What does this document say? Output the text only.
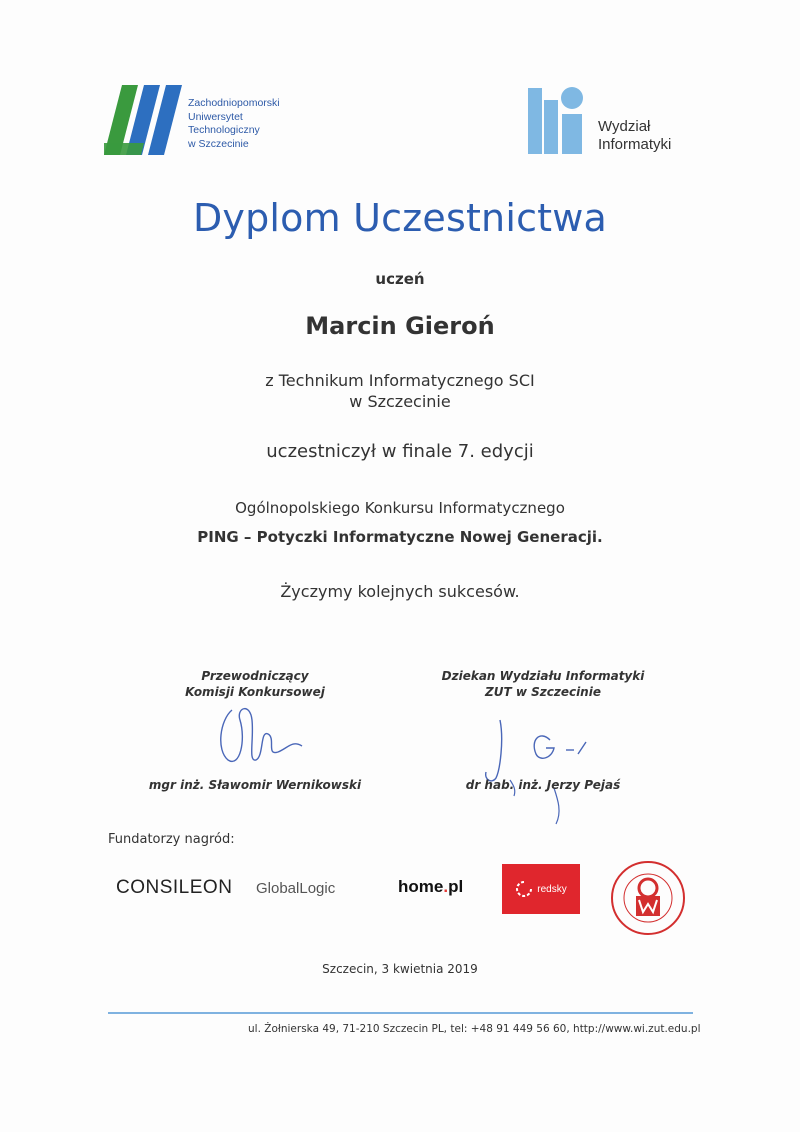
Zachodniopomorski
Uniwersytet
Technologiczny
w Szczecinie
Wydział
Informatyki
Dyplom Uczestnictwa
uczeń
Marcin Gieroń
z Technikum Informatycznego SCI
w Szczecinie
uczestniczył w finale 7. edycji
Ogólnopolskiego Konkursu Informatycznego
PING – Potyczki Informatyczne Nowej Generacji.
Życzymy kolejnych sukcesów.
Przewodniczący
Komisji Konkursowej
Dziekan Wydziału Informatyki
ZUT w Szczecinie
mgr inż. Sławomir Wernikowski	dr hab. inż. Jerzy Pejaś
Fundatorzy nagród:
CONSILEON GlobalLogic	home.pl	redsky
Szczecin, 3 kwietnia 2019
ul. Żołnierska 49, 71-210 Szczecin PL, tel: +48 91 449 56 60, http://www.wi.zut.edu.pl
